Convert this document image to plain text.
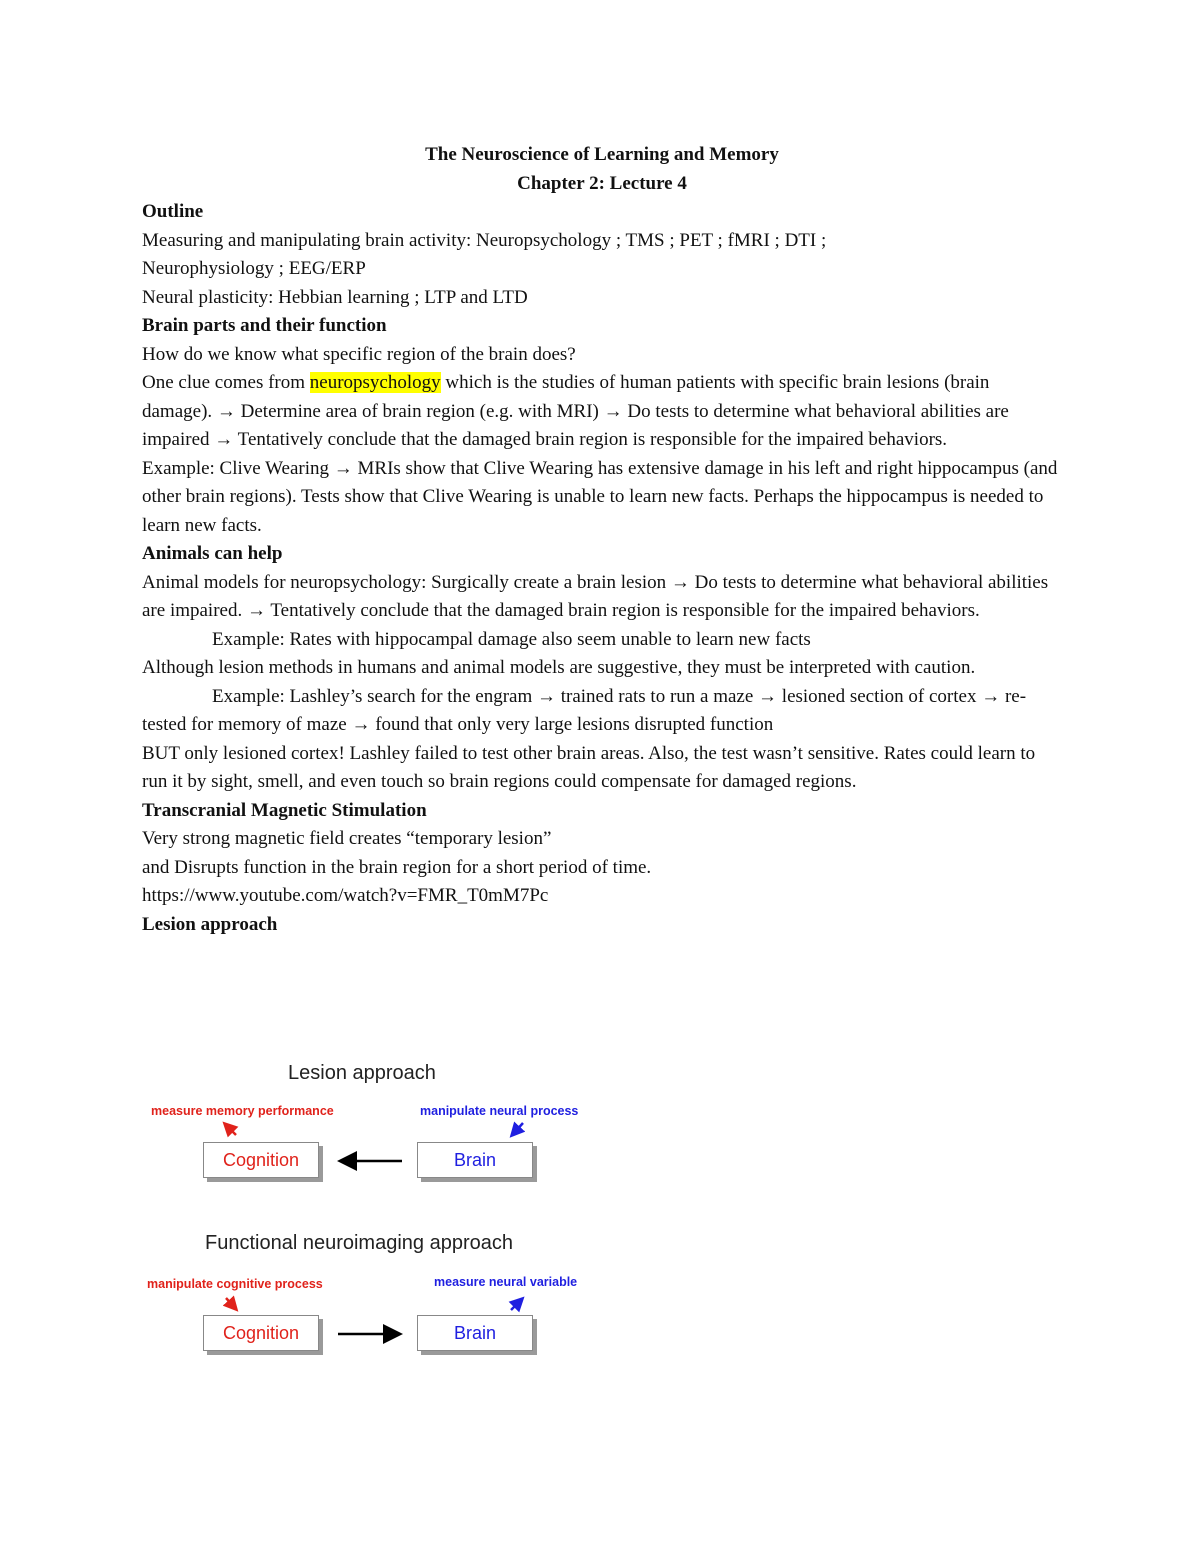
The Neuroscience of Learning and Memory

Chapter 2: Lecture 4

Outline

Measuring and manipulating brain activity: Neuropsychology ; TMS ; PET ; fMRI ; DTI ;

Neurophysiology ; EEG/ERP

Neural plasticity: Hebbian learning ; LTP and LTD

Brain parts and their function

How do we know what specific region of the brain does?

One clue comes from neuropsychology which is the studies of human patients with specific brain lesions (brain damage). → Determine area of brain region (e.g. with MRI) → Do tests to determine what behavioral abilities are impaired → Tentatively conclude that the damaged brain region is responsible for the impaired behaviors.

Example: Clive Wearing → MRIs show that Clive Wearing has extensive damage in his left and right hippocampus (and other brain regions). Tests show that Clive Wearing is unable to learn new facts. Perhaps the hippocampus is needed to learn new facts.

Animals can help

Animal models for neuropsychology: Surgically create a brain lesion → Do tests to determine what behavioral abilities are impaired. → Tentatively conclude that the damaged brain region is responsible for the impaired behaviors.

Example: Rates with hippocampal damage also seem unable to learn new facts

Although lesion methods in humans and animal models are suggestive, they must be interpreted with caution.

Example: Lashley’s search for the engram → trained rats to run a maze → lesioned section of cortex → re-tested for memory of maze → found that only very large lesions disrupted function

BUT only lesioned cortex! Lashley failed to test other brain areas. Also, the test wasn’t sensitive. Rates could learn to run it by sight, smell, and even touch so brain regions could compensate for damaged regions.

Transcranial Magnetic Stimulation

Very strong magnetic field creates “temporary lesion”

and Disrupts function in the brain region for a short period of time.

https://www.youtube.com/watch?v=FMR_T0mM7Pc

Lesion approach

Lesion approach
measure memory performance	manipulate neural process
Cognition	Brain
Functional neuroimaging approach
manipulate cognitive process	measure neural variable
Cognition	Brain
